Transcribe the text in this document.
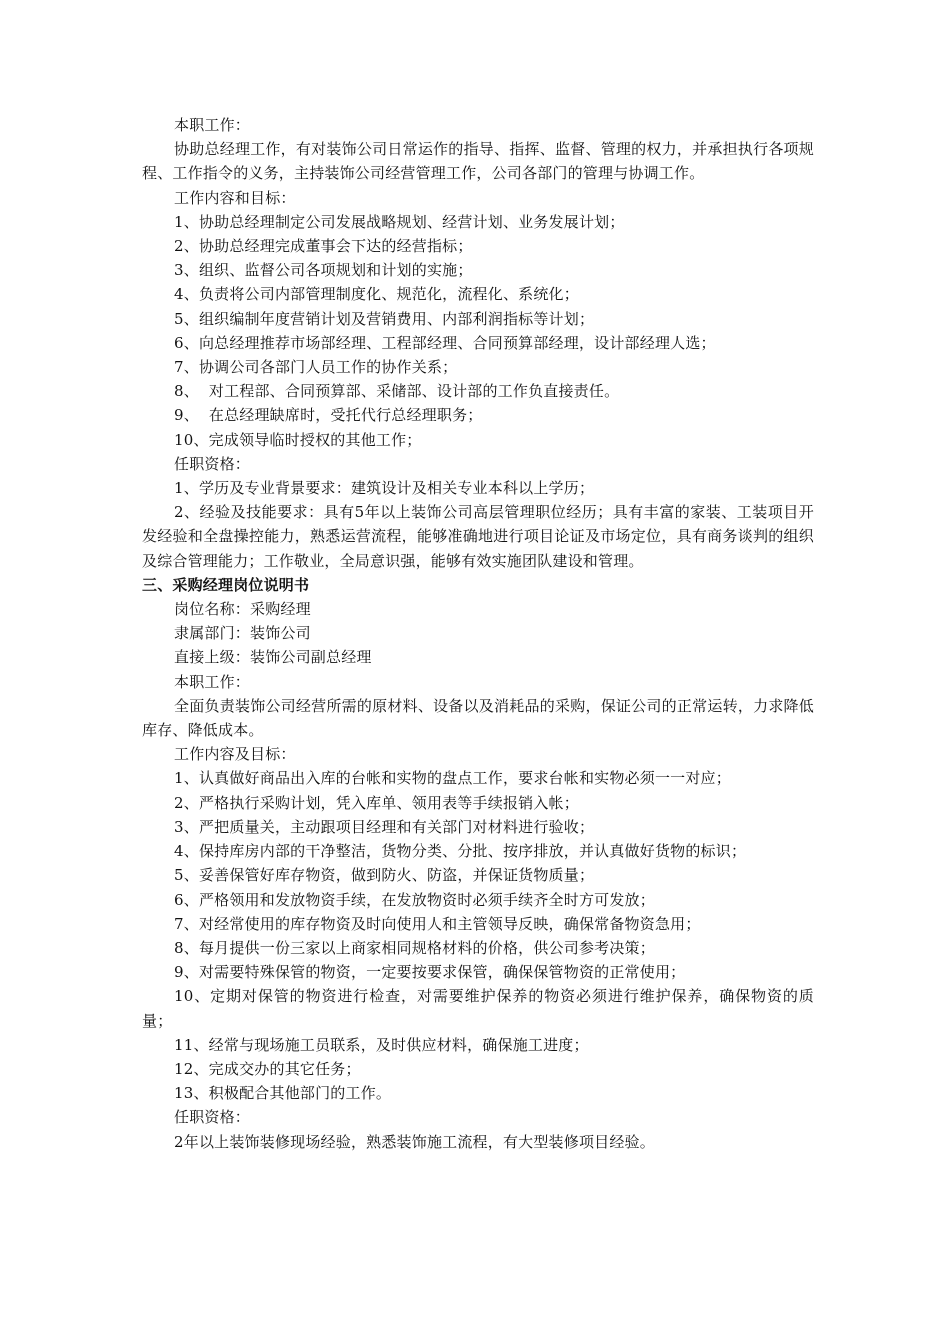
本职工作：

协助总经理工作，有对装饰公司日常运作的指导、指挥、监督、管理的权力，并承担执行各项规程、工作指令的义务，主持装饰公司经营管理工作，公司各部门的管理与协调工作。

工作内容和目标：

1、协助总经理制定公司发展战略规划、经营计划、业务发展计划；

2、协助总经理完成董事会下达的经营指标；

3、组织、监督公司各项规划和计划的实施；

4、负责将公司内部管理制度化、规范化，流程化、系统化；

5、组织编制年度营销计划及营销费用、内部利润指标等计划；

6、向总经理推荐市场部经理、工程部经理、合同预算部经理，设计部经理人选；

7、协调公司各部门人员工作的协作关系；

8、  对工程部、合同预算部、采储部、设计部的工作负直接责任。

9、  在总经理缺席时，受托代行总经理职务；

10、完成领导临时授权的其他工作；

任职资格：

1、学历及专业背景要求：建筑设计及相关专业本科以上学历；

2、经验及技能要求：具有5年以上装饰公司高层管理职位经历；具有丰富的家装、工装项目开发经验和全盘操控能力，熟悉运营流程，能够准确地进行项目论证及市场定位，具有商务谈判的组织及综合管理能力；工作敬业，全局意识强，能够有效实施团队建设和管理。

三、采购经理岗位说明书

岗位名称：采购经理

隶属部门：装饰公司

直接上级：装饰公司副总经理

本职工作：

全面负责装饰公司经营所需的原材料、设备以及消耗品的采购，保证公司的正常运转，力求降低库存、降低成本。

工作内容及目标：

1、认真做好商品出入库的台帐和实物的盘点工作，要求台帐和实物必须一一对应；

2、严格执行采购计划，凭入库单、领用表等手续报销入帐；

3、严把质量关，主动跟项目经理和有关部门对材料进行验收；

4、保持库房内部的干净整洁，货物分类、分批、按序排放，并认真做好货物的标识；

5、妥善保管好库存物资，做到防火、防盗，并保证货物质量；

6、严格领用和发放物资手续，在发放物资时必须手续齐全时方可发放；

7、对经常使用的库存物资及时向使用人和主管领导反映，确保常备物资急用；

8、每月提供一份三家以上商家相同规格材料的价格，供公司参考决策；

9、对需要特殊保管的物资，一定要按要求保管，确保保管物资的正常使用；

10、定期对保管的物资进行检查，对需要维护保养的物资必须进行维护保养，确保物资的质量；

11、经常与现场施工员联系，及时供应材料，确保施工进度；

12、完成交办的其它任务；

13、积极配合其他部门的工作。

任职资格：

2年以上装饰装修现场经验，熟悉装饰施工流程，有大型装修项目经验。
